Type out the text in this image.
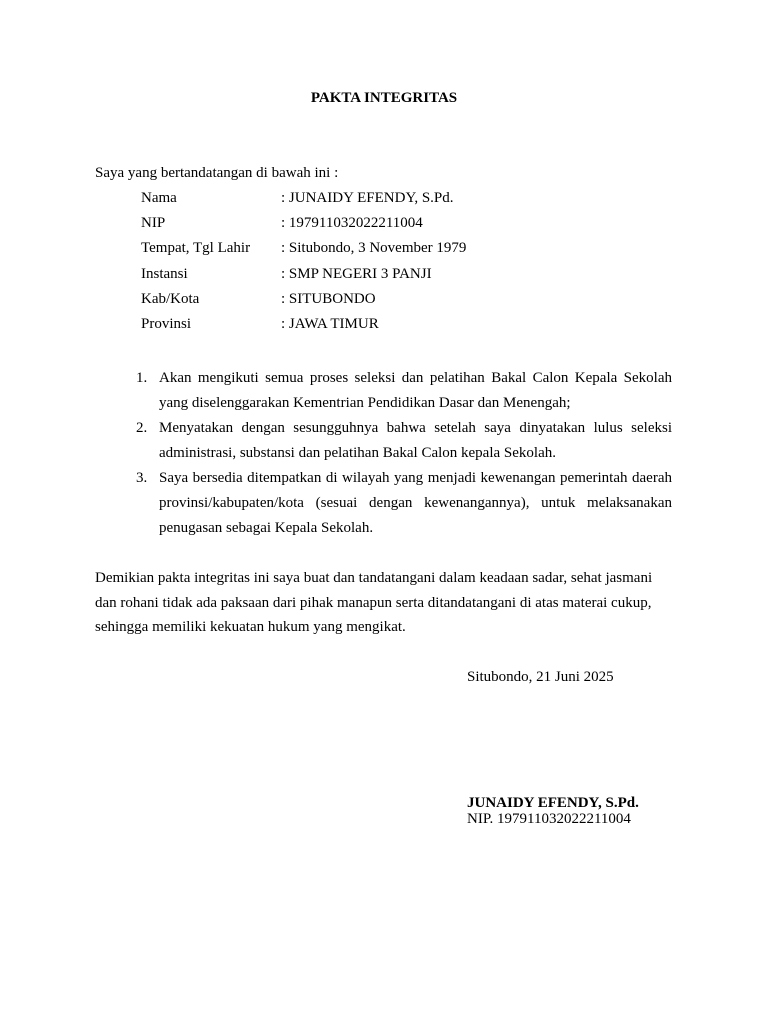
PAKTA INTEGRITAS
Saya yang bertandatangan di bawah ini :
Nama	: JUNAIDY EFENDY, S.Pd.
NIP	: 197911032022211004
Tempat, Tgl Lahir	: Situbondo, 3 November 1979
Instansi	: SMP NEGERI 3 PANJI
Kab/Kota	: SITUBONDO
Provinsi	: JAWA TIMUR
1. Akan mengikuti semua proses seleksi dan pelatihan Bakal Calon Kepala Sekolah yang diselenggarakan Kementrian Pendidikan Dasar dan Menengah;
2. Menyatakan dengan sesungguhnya bahwa setelah saya dinyatakan lulus seleksi administrasi, substansi dan pelatihan Bakal Calon kepala Sekolah.
3. Saya bersedia ditempatkan di wilayah yang menjadi kewenangan pemerintah daerah provinsi/kabupaten/kota (sesuai dengan kewenangannya), untuk melaksanakan penugasan sebagai Kepala Sekolah.
Demikian pakta integritas ini saya buat dan tandatangani dalam keadaan sadar, sehat jasmani
dan rohani tidak ada paksaan dari pihak manapun serta ditandatangani di atas materai cukup,
sehingga memiliki kekuatan hukum yang mengikat.
Situbondo, 21 Juni 2025
JUNAIDY EFENDY, S.Pd.
NIP. 197911032022211004
